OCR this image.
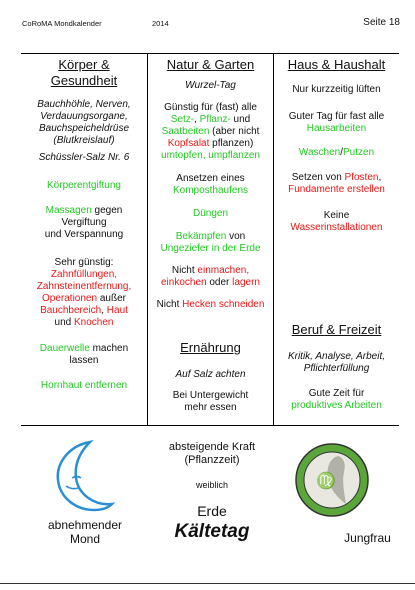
CoRoMA Mondkalender	2014	Seite 18
Körper &
Gesundheit
Bauchhöhle, Nerven,
Verdauungsorgane,
Bauchspeicheldrüse
(Blutkreislauf)
Schüssler-Salz Nr. 6
Körperentgiftung
Massagen gegen
Vergiftung
und Verspannung
Sehr günstig:
Zahnfüllungen,
Zahnsteinentfernung,
Operationen außer
Bauchbereich, Haut
und Knochen
Dauerwelle machen
lassen
Hornhaut entfernen
Natur & Garten
Wurzel-Tag
Günstig für (fast) alle
Setz-, Pflanz- und
Saatbeiten (aber nicht
Kopfsalat pflanzen)
umtopfen, umpflanzen
Ansetzen eines
Komposthaufens
Düngen
Bekämpfen von
Ungeziefer in der Erde
Nicht einmachen,
einkochen oder lagern
Nicht Hecken schneiden
Ernährung
Auf Salz achten
Bei Untergewicht
mehr essen
Haus & Haushalt
Nur kurzzeitig lüften
Guter Tag für fast alle
Hausarbeiten
Waschen/Putzen
Setzen von Pfosten,
Fundamente erstellen
Keine
Wasserinstallationen
Beruf & Freizeit
Kritik, Analyse, Arbeit,
Pflichterfüllung
Gute Zeit für
produktives Arbeiten
abnehmender
Mond
absteigende Kraft
(Pflanzzeit)
weiblich
Erde
Kältetag
♍
Jungfrau
